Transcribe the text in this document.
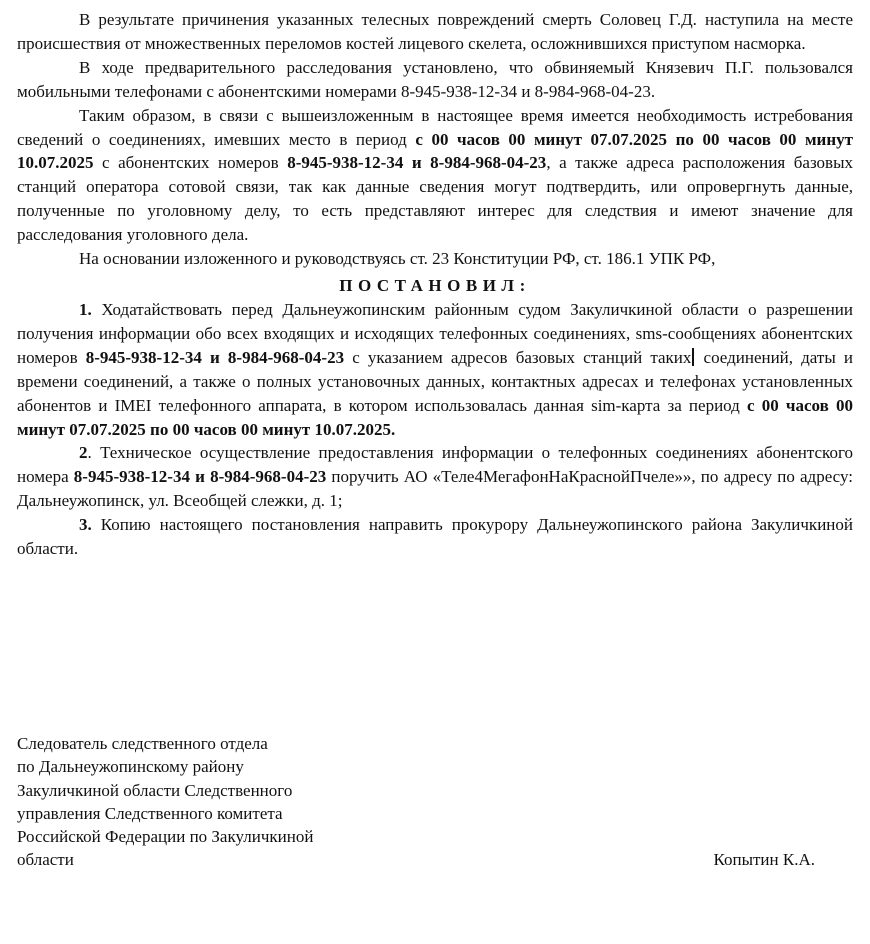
В результате причинения указанных телесных повреждений смерть Соловец Г.Д. наступила на месте происшествия от множественных переломов костей лицевого скелета, осложнившихся приступом насморка.

В ходе предварительного расследования установлено, что обвиняемый Князевич П.Г. пользовался мобильными телефонами с абонентскими номерами 8-945-938-12-34 и 8-984-968-04-23.

Таким образом, в связи с вышеизложенным в настоящее время имеется необходимость истребования сведений о соединениях, имевших место в период с 00 часов 00 минут 07.07.2025 по 00 часов 00 минут 10.07.2025 с абонентских номеров 8-945-938-12-34 и 8-984-968-04-23, а также адреса расположения базовых станций оператора сотовой связи, так как данные сведения могут подтвердить, или опровергнуть данные, полученные по уголовному делу, то есть представляют интерес для следствия и имеют значение для расследования уголовного дела.

На основании изложенного и руководствуясь ст. 23 Конституции РФ, ст. 186.1 УПК РФ,

ПОСТАНОВИЛ:

1. Ходатайствовать перед Дальнеужопинским районным судом Закуличкиной области о разрешении получения информации обо всех входящих и исходящих телефонных соединениях, sms-сообщениях абонентских номеров 8-945-938-12-34 и 8-984-968-04-23 с указанием адресов базовых станций таких соединений, даты и времени соединений, а также о полных установочных данных, контактных адресах и телефонах установленных абонентов и IMEI телефонного аппарата, в котором использовалась данная sim-карта за период с 00 часов 00 минут 07.07.2025 по 00 часов 00 минут 10.07.2025.

2. Техническое осуществление предоставления информации о телефонных соединениях абонентского номера 8-945-938-12-34 и 8-984-968-04-23 поручить АО «Теле4МегафонНаКраснойПчеле»», по адресу по адресу: Дальнеужопинск, ул. Всеобщей слежки, д. 1;

3. Копию настоящего постановления направить прокурору Дальнеужопинского района Закуличкиной области.

Следователь следственного отдела
по Дальнеужопинскому району
Закуличкиной области Следственного
управления Следственного комитета
Российской Федерации по Закуличкиной
области	Копытин К.А.
